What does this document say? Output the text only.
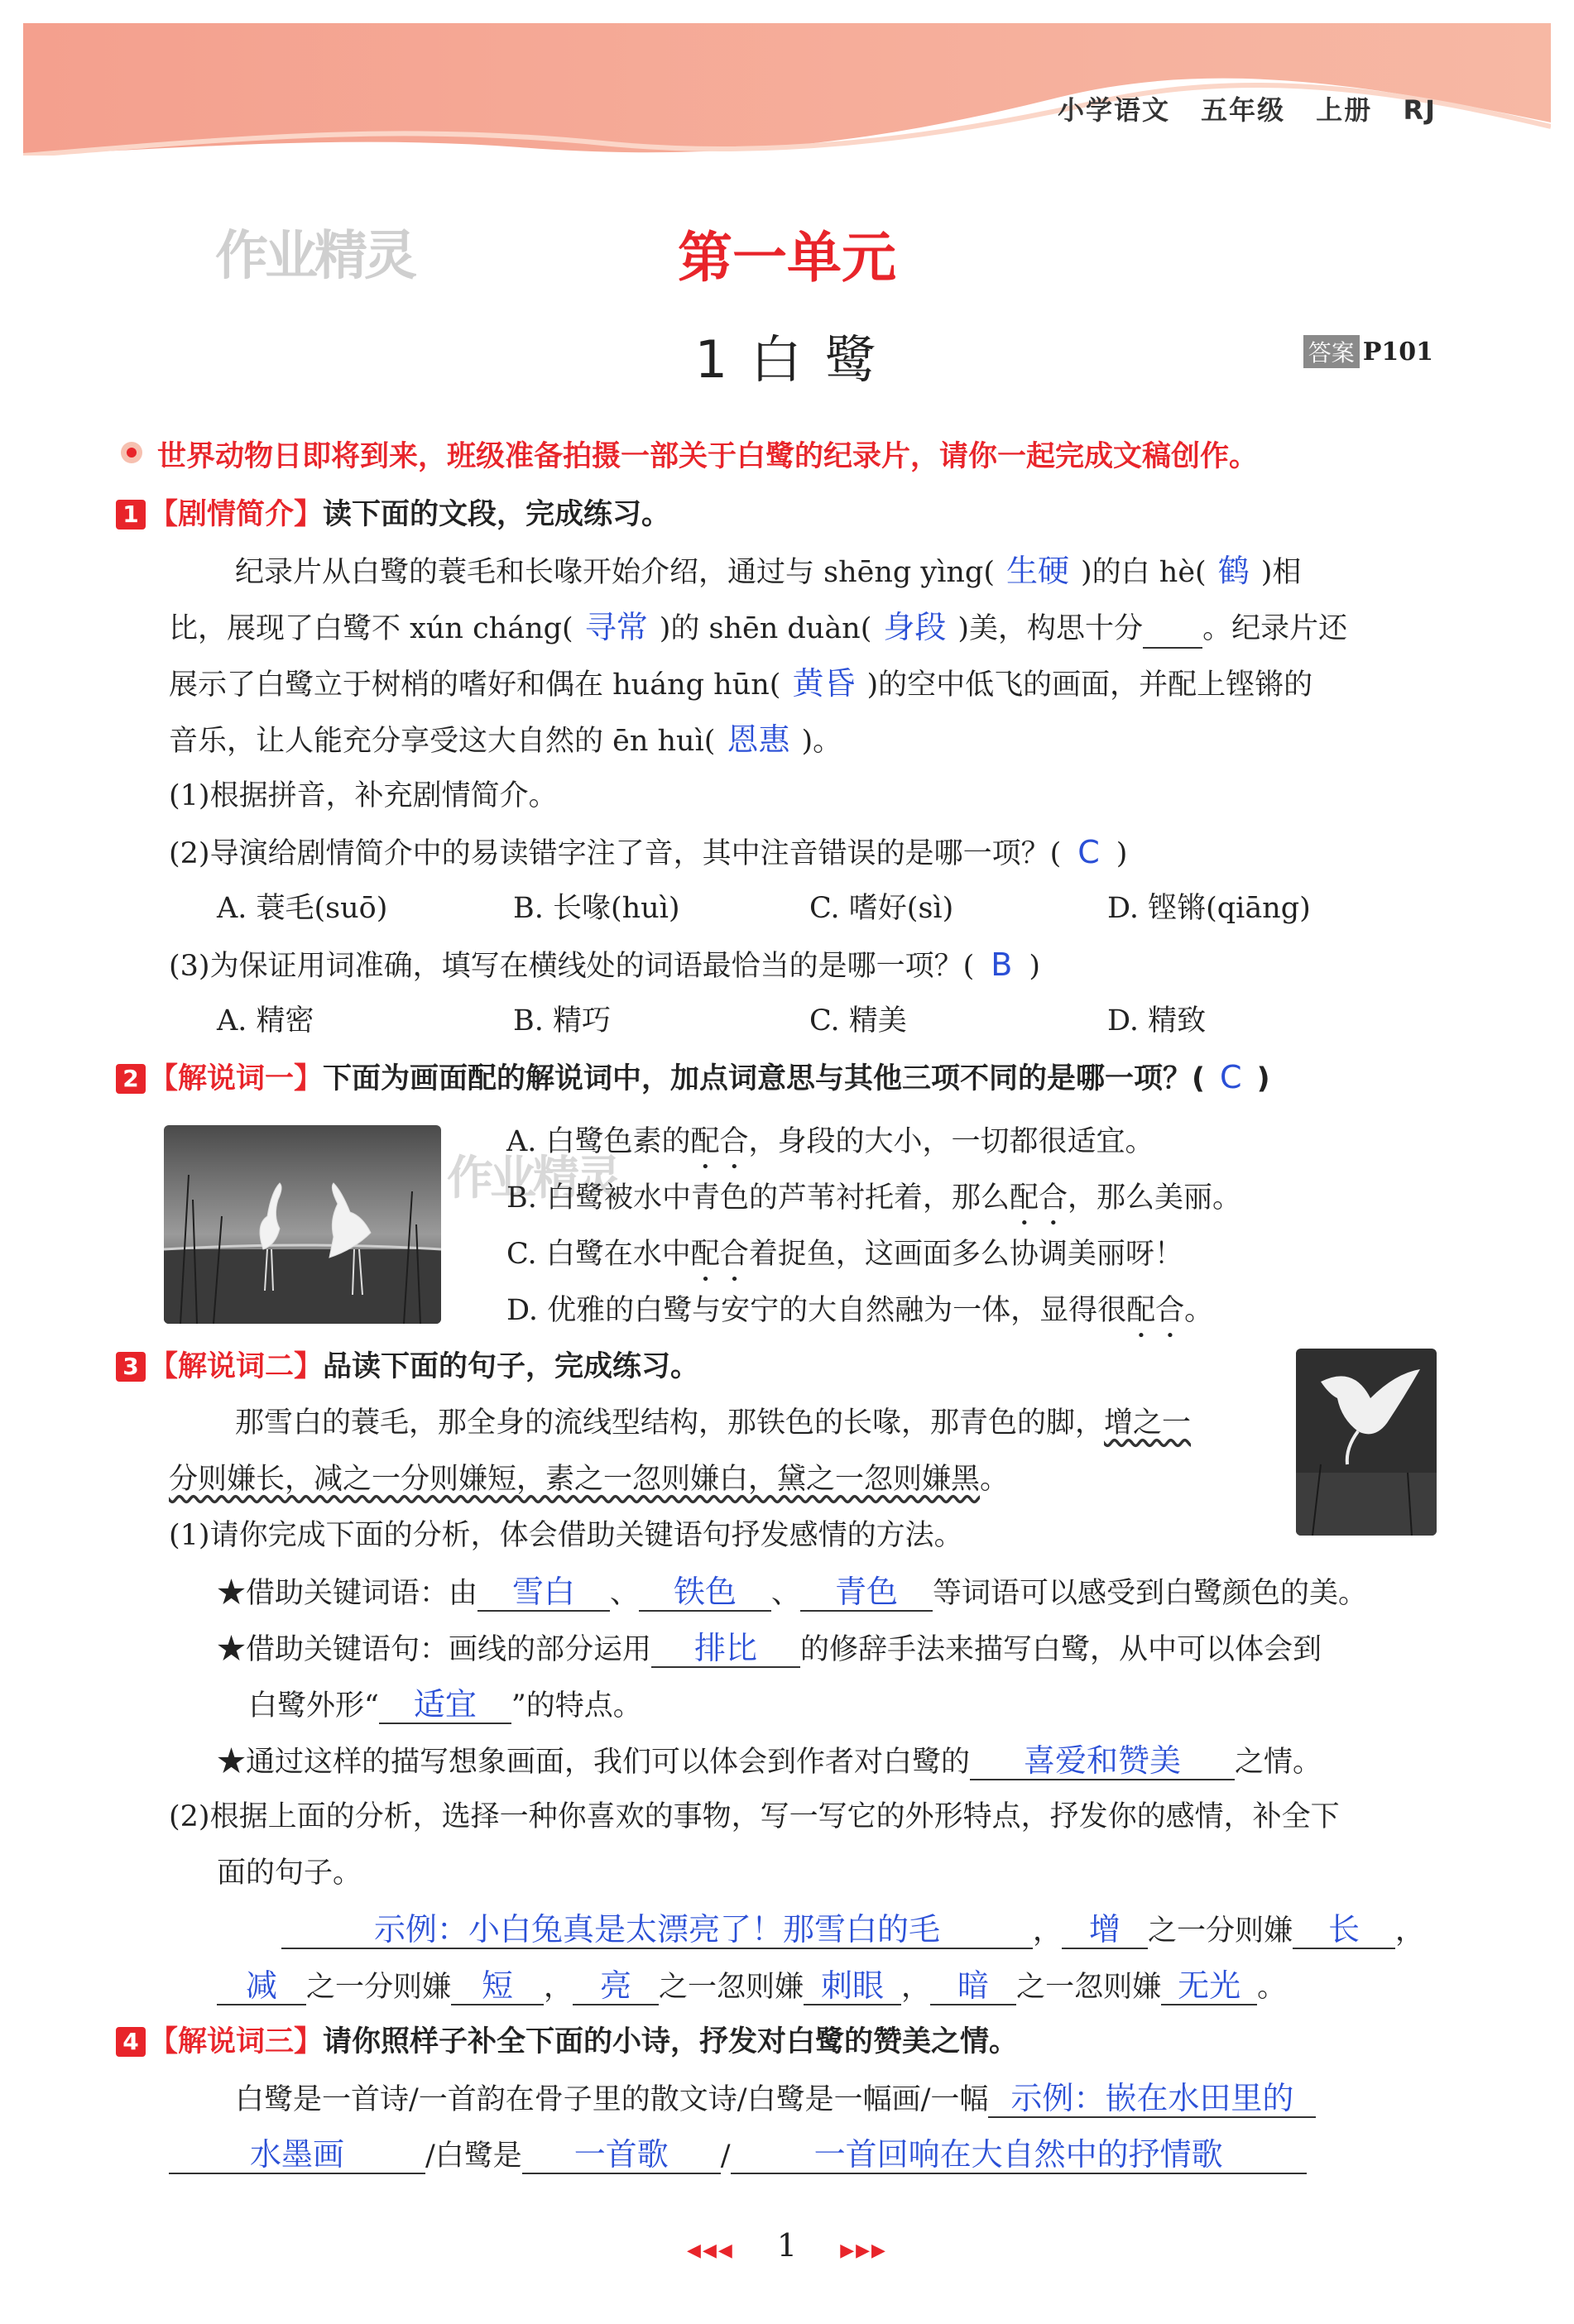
小学语文 五年级 上册 RJ
作业精灵	第一单元
1 白 鹭	答案 P101
世界动物日即将到来，班级准备拍摄一部关于白鹭的纪录片，请你一起完成文稿创作。
1 【剧情简介】读下面的文段，完成练习。
纪录片从白鹭的蓑毛和长喙开始介绍，通过与 shēng yìng( 生硬 )的白 hè( 鹤 )相
比，展现了白鹭不 xún cháng( 寻常 )的 shēn duàn( 身段 )美，构思十分 。纪录片还
展示了白鹭立于树梢的嗜好和偶在 huáng hūn( 黄昏 )的空中低飞的画面，并配上铿锵的
音乐，让人能充分享受这大自然的 ēn huì( 恩惠 )。
(1)根据拼音，补充剧情简介。
(2)导演给剧情简介中的易读错字注了音，其中注音错误的是哪一项？( C )
A. 蓑毛(suō)	B. 长喙(huì)	C. 嗜好(sì)	D. 铿锵(qiāng)
(3)为保证用词准确，填写在横线处的词语最恰当的是哪一项？( B )
A. 精密	B. 精巧	C. 精美	D. 精致
2 【解说词一】下面为画面配的解说词中，加点词意思与其他三项不同的是哪一项？( C )
作业精灵
A. 白鹭色素的配合，身段的大小，一切都很适宜。
B. 白鹭被水中青色的芦苇衬托着，那么配合，那么美丽。
C. 白鹭在水中配合着捉鱼，这画面多么协调美丽呀！
D. 优雅的白鹭与安宁的大自然融为一体，显得很配合。
3 【解说词二】品读下面的句子，完成练习。
那雪白的蓑毛，那全身的流线型结构，那铁色的长喙，那青色的脚，增之一
分则嫌长，减之一分则嫌短，素之一忽则嫌白，黛之一忽则嫌黑。
(1)请你完成下面的分析，体会借助关键语句抒发感情的方法。
★借助关键词语：由 雪白 、 铁色 、 青色 等词语可以感受到白鹭颜色的美。
★借助关键语句：画线的部分运用 排比 的修辞手法来描写白鹭，从中可以体会到
白鹭外形“ 适宜 ”的特点。
★通过这样的描写想象画面，我们可以体会到作者对白鹭的 喜爱和赞美 之情。
(2)根据上面的分析，选择一种你喜欢的事物，写一写它的外形特点，抒发你的感情，补全下
面的句子。
示例：小白兔真是太漂亮了！那雪白的毛	， 增 之一分则嫌 长 ，
减 之一分则嫌 短 ， 亮 之一忽则嫌 刺眼 ， 暗 之一忽则嫌 无光 。
4 【解说词三】请你照样子补全下面的小诗，抒发对白鹭的赞美之情。
白鹭是一首诗/一首韵在骨子里的散文诗/白鹭是一幅画/一幅 示例：嵌在水田里的
水墨画	/白鹭是 一首歌 /	一首回响在大自然中的抒情歌
◀◀◀ 1 ▶▶▶
